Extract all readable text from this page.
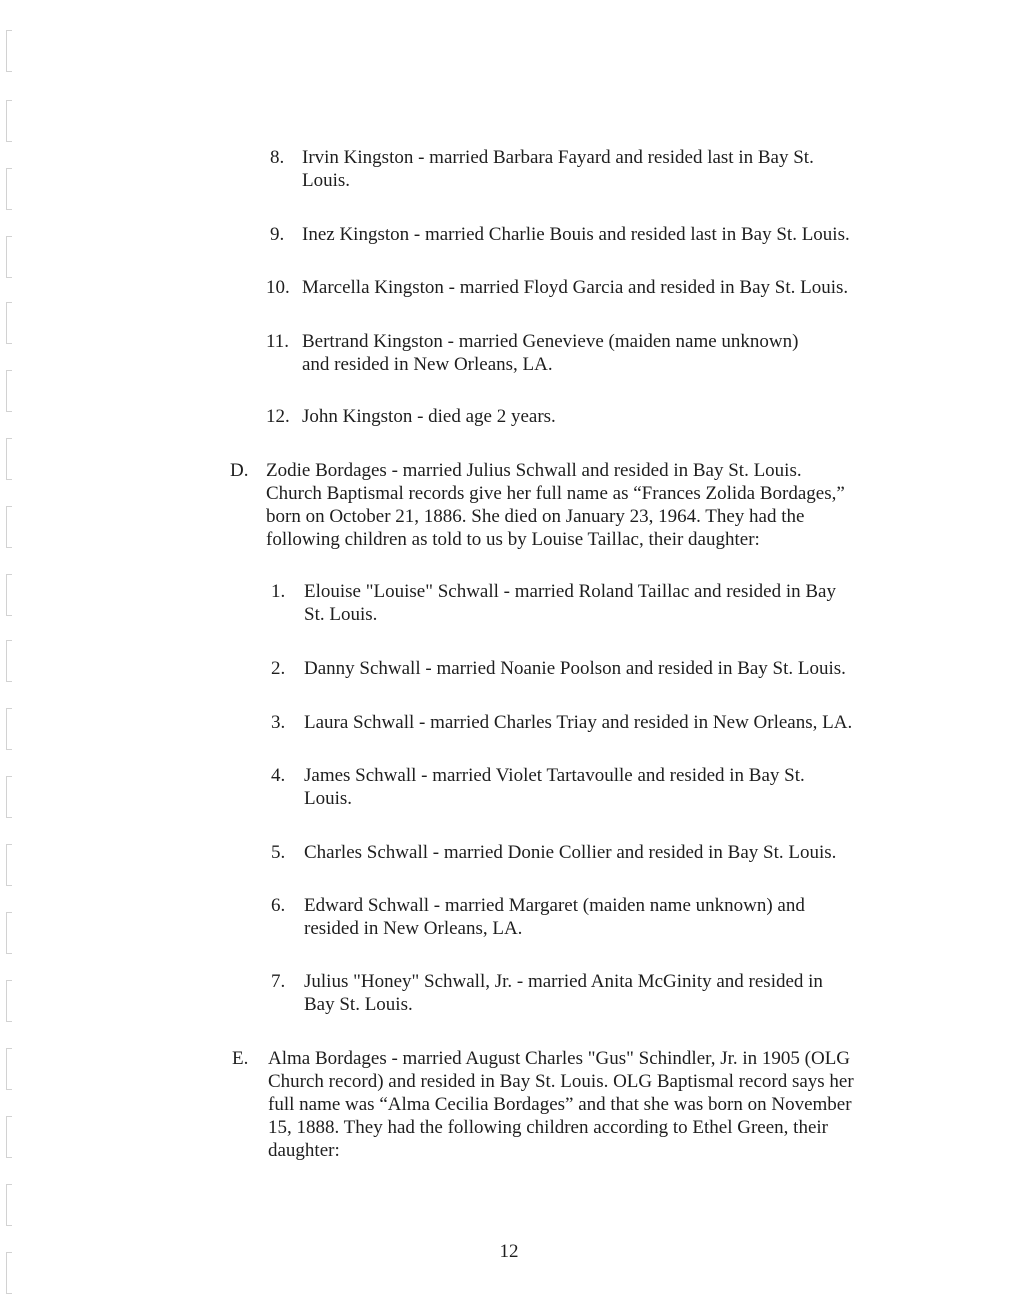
8. Irvin Kingston - married Barbara Fayard and resided last in Bay St.
Louis.
9. Inez Kingston - married Charlie Bouis and resided last in Bay St. Louis.
10. Marcella Kingston - married Floyd Garcia and resided in Bay St. Louis.
11. Bertrand Kingston - married Genevieve (maiden name unknown)
and resided in New Orleans, LA.
12. John Kingston - died age 2 years.
D. Zodie Bordages - married Julius Schwall and resided in Bay St. Louis.
Church Baptismal records give her full name as “Frances Zolida Bordages,”
born on October 21, 1886. She died on January 23, 1964. They had the
following children as told to us by Louise Taillac, their daughter:
1. Elouise "Louise" Schwall - married Roland Taillac and resided in Bay
St. Louis.
2. Danny Schwall - married Noanie Poolson and resided in Bay St. Louis.
3. Laura Schwall - married Charles Triay and resided in New Orleans, LA.
4. James Schwall - married Violet Tartavoulle and resided in Bay St.
Louis.
5. Charles Schwall - married Donie Collier and resided in Bay St. Louis.
6. Edward Schwall - married Margaret (maiden name unknown) and
resided in New Orleans, LA.
7. Julius "Honey" Schwall, Jr. - married Anita McGinity and resided in
Bay St. Louis.
E. Alma Bordages - married August Charles "Gus" Schindler, Jr. in 1905 (OLG
Church record) and resided in Bay St. Louis. OLG Baptismal record says her
full name was “Alma Cecilia Bordages” and that she was born on November
15, 1888. They had the following children according to Ethel Green, their
daughter:
12
